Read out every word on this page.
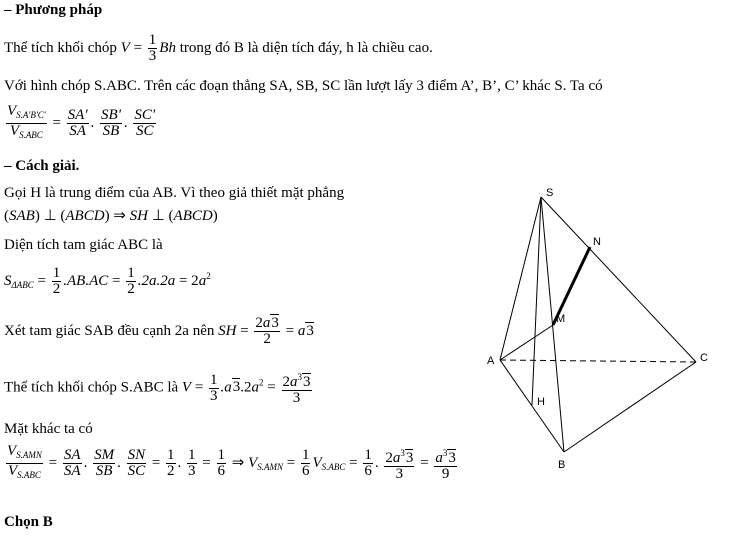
– Phương pháp
Thể tích khối chóp $V = \frac{1}{3}$ Bh trong đó B là diện tích đáy, h là chiều cao.
Với hình chóp S.ABC. Trên các đoạn thẳng SA, SB, SC lần lượt lấy 3 điểm A’, B’, C’ khác S. Ta có
$\frac{V_{S.A'B'C'}}{V_{S.ABC}} = \frac{SA'}{SA}$ . $\frac{SB'}{SB}$ . $\frac{SC'}{SC}$
– Cách giải.
Gọi H là trung điểm của AB. Vì theo giả thiết mặt phẳng
(SAB) ⊥ (ABCD) ⇒ SH ⊥ (ABCD)
Diện tích tam giác ABC là
$S_{\Delta ABC} = \frac{1}{2} .AB.AC = \frac{1}{2} .2a.2a = 2a^2$
Xét tam giác SAB đều cạnh 2a nên SH = $\frac{2a3}{2} = a3$
Thể tích khối chóp S.ABC là $V = \frac{1}{3} .a3.2a^2 = \frac{2a^33}{3}$
Mặt khác ta có
$\frac{V_{S.AMN}}{V_{S.ABC}} = \frac{SA}{SA}$ . $\frac{SM}{SB}$ . $\frac{SN}{SC} = \frac{1}{2}$ . $\frac{1}{3} = \frac{1}{6}$ ⇒ $V_{S.AMN} = \frac{1}{6} V_{S.ABC} = \frac{1}{6}$ . $\frac{2a^33}{3} = \frac{a^33}{9}$
Chọn B
S
N
M
A	C
H
B
